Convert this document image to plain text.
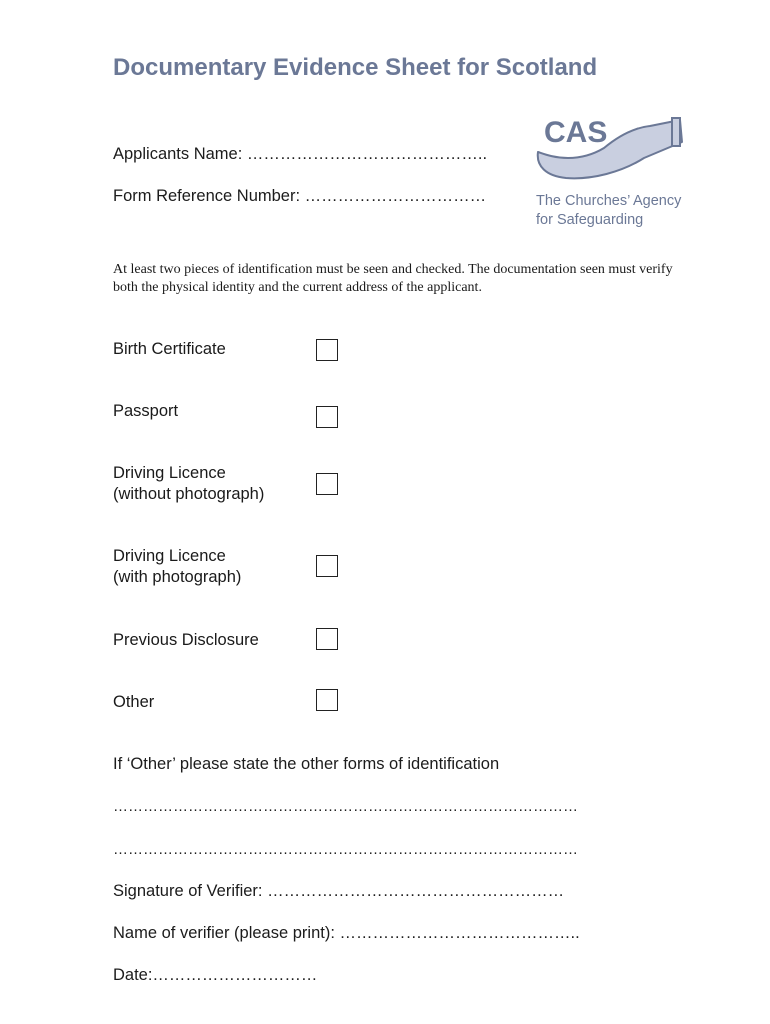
Documentary Evidence Sheet for Scotland
Applicants Name: ……………………………………..
Form Reference Number: ……………………………
CAS
The Churches’ Agency
for Safeguarding
At least two pieces of identification must be seen and checked. The documentation seen must verify both the physical identity and the current address of the applicant.
Birth Certificate
Passport
Driving Licence
(without photograph)
Driving Licence
(with photograph)
Previous Disclosure
Other
If ‘Other’ please state the other forms of identification
…………………………………………………………………………………
…………………………………………………………………………………
Signature of Verifier: ………………………………………………
Name of verifier (please print): ……………………………………..
Date:…………………………
